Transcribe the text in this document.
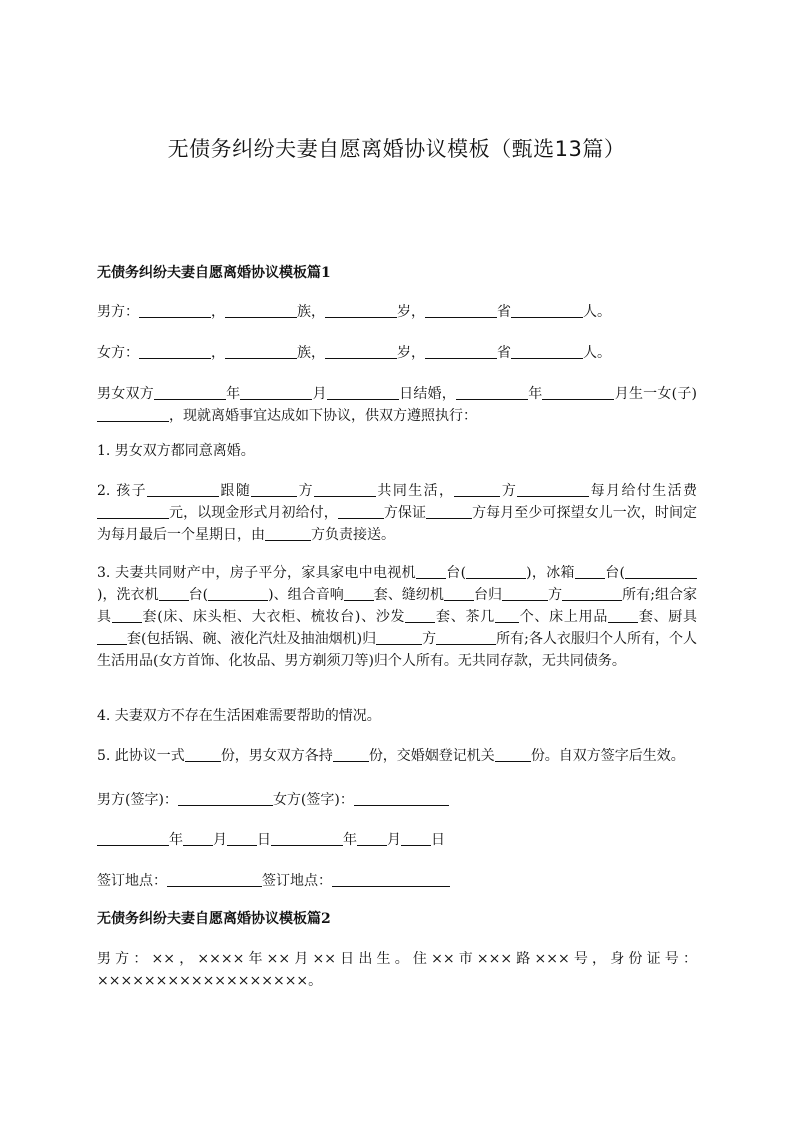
无债务纠纷夫妻自愿离婚协议模板（甄选13篇）
无债务纠纷夫妻自愿离婚协议模板篇1
男方：	，	族，	岁，	省	人。
女方：	，	族，	岁，	省	人。
男女双方	年	月	日结婚，	年	月生一女(子)，现就离婚事宜达成如下协议，供双方遵照执行：
1. 男女双方都同意离婚。
2. 孩子	跟随	方	共同生活，	方	每月给付生活费元，以现金形式月初给付，	方保证	方每月至少可探望女儿一次，时间定为每月最后一个星期日，由	方负责接送。
3. 夫妻共同财产中，房子平分，家具家电中电视机 台(	)，冰箱 台()，洗衣机 台(	)、组合音响 套、缝纫机 台归	方	所有;组合家具 套(床、床头柜、大衣柜、梳妆台)、沙发 套、茶几 个、床上用品 套、厨具套(包括锅、碗、液化汽灶及抽油烟机)归	方	所有;各人衣服归个人所有，个人生活用品(女方首饰、化妆品、男方剃须刀等)归个人所有。无共同存款，无共同债务。
4. 夫妻双方不存在生活困难需要帮助的情况。
5. 此协议一式	份，男女双方各持	份，交婚姻登记机关	份。自双方签字后生效。
男方(签字)：	女方(签字)：
年 月 日	年 月 日
签订地点：	签订地点：
无债务纠纷夫妻自愿离婚协议模板篇2
男方：××，××××年××月××日出生。住××市×××路×××号，身份证号：××××××××××××××××××。
